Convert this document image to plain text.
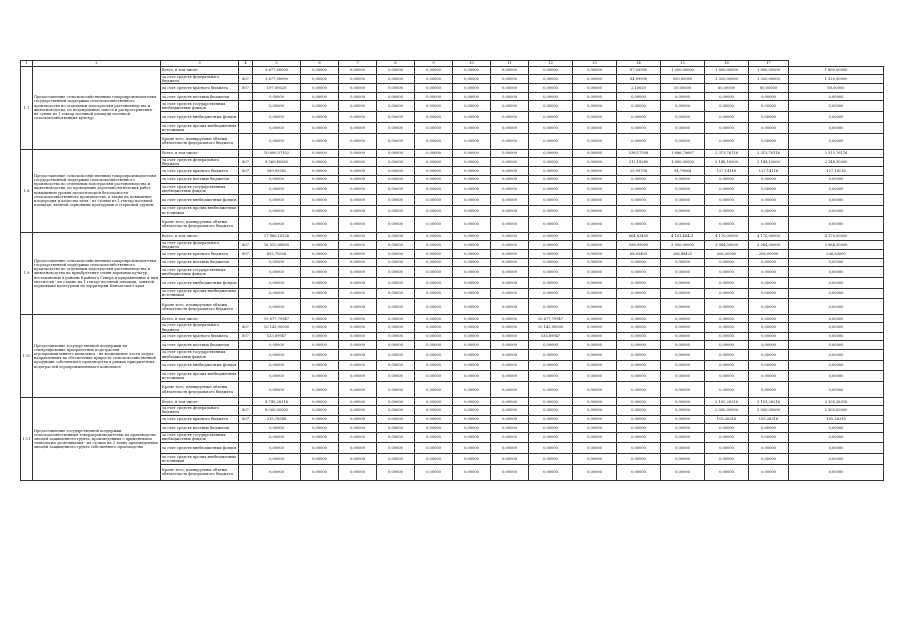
1	2	3	4	5	6	7	8	9	10	11	12	13	14	15	16	17	
1.7	Предоставление сельскохозяйственным товаропроизводителям государственной поддержки сельскохозяйственного производства по отдельным подотраслям растениеводства и животноводства, по недопущению заноса и распространения - на сумме из 1 гектар посевной площади посевной сельскохозяйственных культур	Всего, в том числе:		3 677,80000	0,00000	0,00000	0,00000	0,00000	0,00000	0,00000	0,00000	0,00000	87,09990	1 000,00000	1 800,00000	1 800,00000	1 800,00000
		за счет средств федерального бюджета	807	3 677,98990	0,00000	0,00000	0,00000	0,00000	0,00000	0,00000	0,00000	0,00000	84,99990	950,00000	1 320,00000	1 320,00000	1 320,00000
		за счет средств краевого бюджета	807	197,80620	0,00000	0,00000	0,00000	0,00000	0,00000	0,00000	0,00000	0,00000	2,10620	50,00000	80,00000	80,00000	80,00000
		за счет средств местных бюджетов		0,00000	0,00000	0,00000	0,00000	0,00000	0,00000	0,00000	0,00000	0,00000	0,00000	0,00000	0,00000	0,00000	0,00000
		за счет средств государственных внебюджетных фондов		0,00000	0,00000	0,00000	0,00000	0,00000	0,00000	0,00000	0,00000	0,00000	0,00000	0,00000	0,00000	0,00000	0,00000
		за счет средств внебюджетных фондов		0,00000	0,00000	0,00000	0,00000	0,00000	0,00000	0,00000	0,00000	0,00000	0,00000	0,00000	0,00000	0,00000	0,00000
		за счет средств прочих внебюджетных источников		0,00000	0,00000	0,00000	0,00000	0,00000	0,00000	0,00000	0,00000	0,00000	0,00000	0,00000	0,00000	0,00000	0,00000
		Кроме того, планируемые объемы обязательств федерального бюджета		0,00000	0,00000	0,00000	0,00000	0,00000	0,00000	0,00000	0,00000	0,00000	0,00000	0,00000	0,00000	0,00000	0,00000
1.8	Предоставление сельскохозяйственным товаропроизводителям государственной поддержки сельскохозяйственного производства по отдельным подотраслям растениеводства и животноводства, по проведению агротехнологических работ, повышению уровня экологической безопасности сельскохозяйственного производства, а также на повышение плодородия и качества почв - из стоимо из 1 гектар посевной площади, занятой зерновыми культурами и стерновой группы	Всего, в том числе:		10 690,57102	0,00000	0,00000	0,00000	0,00000	0,00000	0,00000	0,00000	0,00000	538,17508	1 886,79667	2 313,76116	2 313,76116	2 313,76116
		за счет средств федерального бюджета	807	9 560,48280	0,00000	0,00000	0,00000	0,00000	0,00000	0,00000	0,00000	0,00000	512,18280	1 800,00000	2 148,10000	2 148,10000	2 148,10000
		за счет средств краевого бюджета	807	589,95382	0,00000	0,00000	0,00000	0,00000	0,00000	0,00000	0,00000	0,00000	25,99758	94,79864	127,14116	127,14116	127,14116
		за счет средств местных бюджетов		0,00000	0,00000	0,00000	0,00000	0,00000	0,00000	0,00000	0,00000	0,00000	0,00000	0,00000	0,00000	0,00000	0,00000
		за счет средств государственных внебюджетных фондов		0,00000	0,00000	0,00000	0,00000	0,00000	0,00000	0,00000	0,00000	0,00000	0,00000	0,00000	0,00000	0,00000	0,00000
		за счет средств внебюджетных фондов		0,00000	0,00000	0,00000	0,00000	0,00000	0,00000	0,00000	0,00000	0,00000	0,00000	0,00000	0,00000	0,00000	0,00000
		за счет средств прочих внебюджетных источников		0,00000	0,00000	0,00000	0,00000	0,00000	0,00000	0,00000	0,00000	0,00000	0,00000	0,00000	0,00000	0,00000	0,00000
		Кроме того, планируемые объемы обязательств федерального бюджета		0,00000	0,00000	0,00000	0,00000	0,00000	0,00000	0,00000	0,00000	0,00000	0,00000	0,00000	0,00000	0,00000	0,00000
1.9	Предоставление сельскохозяйственным товаропроизводителям государственной поддержки сельскохозяйственного производства по отдельным подотраслям растениеводства и животноводства на приобретение семян кормовых культур, поставляемых в районы Крайнего Севера и приравненные к ним местности - на стоимо на 1 гектар посевной площади, занятой кормовыми культурами на территории Камчатского края	Всего, в том числе:		17 966,10526	0,00000	0,00000	0,00000	0,00000	0,00000	0,00000	0,00000	0,00000	664,63400	4 161,48421	4 170,00000	4 170,00000	4 170,00000
		за счет средств федерального бюджета	807	16 510,88800	0,00000	0,00000	0,00000	0,00000	0,00000	0,00000	0,00000	0,00000	598,99000	3 950,00000	3 964,50000	3 964,50000	3 964,50000
		за счет средств краевого бюджета	807	852,70526	0,00000	0,00000	0,00000	0,00000	0,00000	0,00000	0,00000	0,00000	68,63400	206,48421	206,50000	206,50000	206,50000
		за счет средств местных бюджетов		0,00000	0,00000	0,00000	0,00000	0,00000	0,00000	0,00000	0,00000	0,00000	0,00000	0,00000	0,00000	0,00000	0,00000
		за счет средств государственных внебюджетных фондов		0,00000	0,00000	0,00000	0,00000	0,00000	0,00000	0,00000	0,00000	0,00000	0,00000	0,00000	0,00000	0,00000	0,00000
		за счет средств внебюджетных фондов		0,00000	0,00000	0,00000	0,00000	0,00000	0,00000	0,00000	0,00000	0,00000	0,00000	0,00000	0,00000	0,00000	0,00000
		за счет средств прочих внебюджетных источников		0,00000	0,00000	0,00000	0,00000	0,00000	0,00000	0,00000	0,00000	0,00000	0,00000	0,00000	0,00000	0,00000	0,00000
		Кроме того, планируемые объемы обязательств федерального бюджета		0,00000	0,00000	0,00000	0,00000	0,00000	0,00000	0,00000	0,00000	0,00000	0,00000	0,00000	0,00000	0,00000	0,00000
1.10	Предоставление государственной поддержки на стимулирование приоритетных подотраслей агропромышленного комплекса - на возмещение части затрат, направленных на обеспечение прироста сельскохозяйственной продукции собственного производства в рамках приоритетных подотраслей агропромышленного комплекса	Всего, в том числе:		10 677,79947	0,00000	0,00000	0,00000	0,00000	0,00000	0,00000	10 677,79947	0,00000	0,00000	0,00000	0,00000	0,00000	0,00000
		за счет средств федерального бюджета	807	10 143,90000	0,00000	0,00000	0,00000	0,00000	0,00000	0,00000	10 143,90000	0,00000	0,00000	0,00000	0,00000	0,00000	0,00000
		за счет средств краевого бюджета	807	533,89947	0,00000	0,00000	0,00000	0,00000	0,00000	0,00000	533,89947	0,00000	0,00000	0,00000	0,00000	0,00000	0,00000
		за счет средств местных бюджетов		0,00000	0,00000	0,00000	0,00000	0,00000	0,00000	0,00000	0,00000	0,00000	0,00000	0,00000	0,00000	0,00000	0,00000
		за счет средств государственных внебюджетных фондов		0,00000	0,00000	0,00000	0,00000	0,00000	0,00000	0,00000	0,00000	0,00000	0,00000	0,00000	0,00000	0,00000	0,00000
		за счет средств внебюджетных фондов		0,00000	0,00000	0,00000	0,00000	0,00000	0,00000	0,00000	0,00000	0,00000	0,00000	0,00000	0,00000	0,00000	0,00000
		за счет средств прочих внебюджетных источников		0,00000	0,00000	0,00000	0,00000	0,00000	0,00000	0,00000	0,00000	0,00000	0,00000	0,00000	0,00000	0,00000	0,00000
		Кроме того, планируемые объемы обязательств федерального бюджета		0,00000	0,00000	0,00000	0,00000	0,00000	0,00000	0,00000	0,00000	0,00000	0,00000	0,00000	0,00000	0,00000	0,00000
1.11	Предоставление государственной поддержки сельскохозяйственным товаропроизводителям на производство овощей защищенного грунта, произведенных с применением технологии досвечивания - из стоимо на 1 тонну произведенных овощей защищенного грунта собственного производства	Всего, в том числе:		8 745,26316	0,00000	0,00000	0,00000	0,00000	0,00000	0,00000	0,00000	0,00000	0,00000	0,00000	2 105,26316	3 105,26316	3 105,26316
		за счет средств федерального бюджета	807	8 000,00000	0,00000	0,00000	0,00000	0,00000	0,00000	0,00000	0,00000	0,00000	0,00000	0,00000	2 000,00000	2 000,00000	2 000,00000
		за счет средств краевого бюджета	807	315,78948	0,00000	0,00000	0,00000	0,00000	0,00000	0,00000	0,00000	0,00000	0,00000	0,00000	105,26316	105,26316	105,26316
		за счет средств местных бюджетов		0,00000	0,00000	0,00000	0,00000	0,00000	0,00000	0,00000	0,00000	0,00000	0,00000	0,00000	0,00000	0,00000	0,00000
		за счет средств государственных внебюджетных фондов		0,00000	0,00000	0,00000	0,00000	0,00000	0,00000	0,00000	0,00000	0,00000	0,00000	0,00000	0,00000	0,00000	0,00000
		за счет средств внебюджетных фондов		0,00000	0,00000	0,00000	0,00000	0,00000	0,00000	0,00000	0,00000	0,00000	0,00000	0,00000	0,00000	0,00000	0,00000
		за счет средств прочих внебюджетных источников		0,00000	0,00000	0,00000	0,00000	0,00000	0,00000	0,00000	0,00000	0,00000	0,00000	0,00000	0,00000	0,00000	0,00000
		Кроме того, планируемые объемы обязательств федерального бюджета		0,00000	0,00000	0,00000	0,00000	0,00000	0,00000	0,00000	0,00000	0,00000	0,00000	0,00000	0,00000	0,00000	0,00000
